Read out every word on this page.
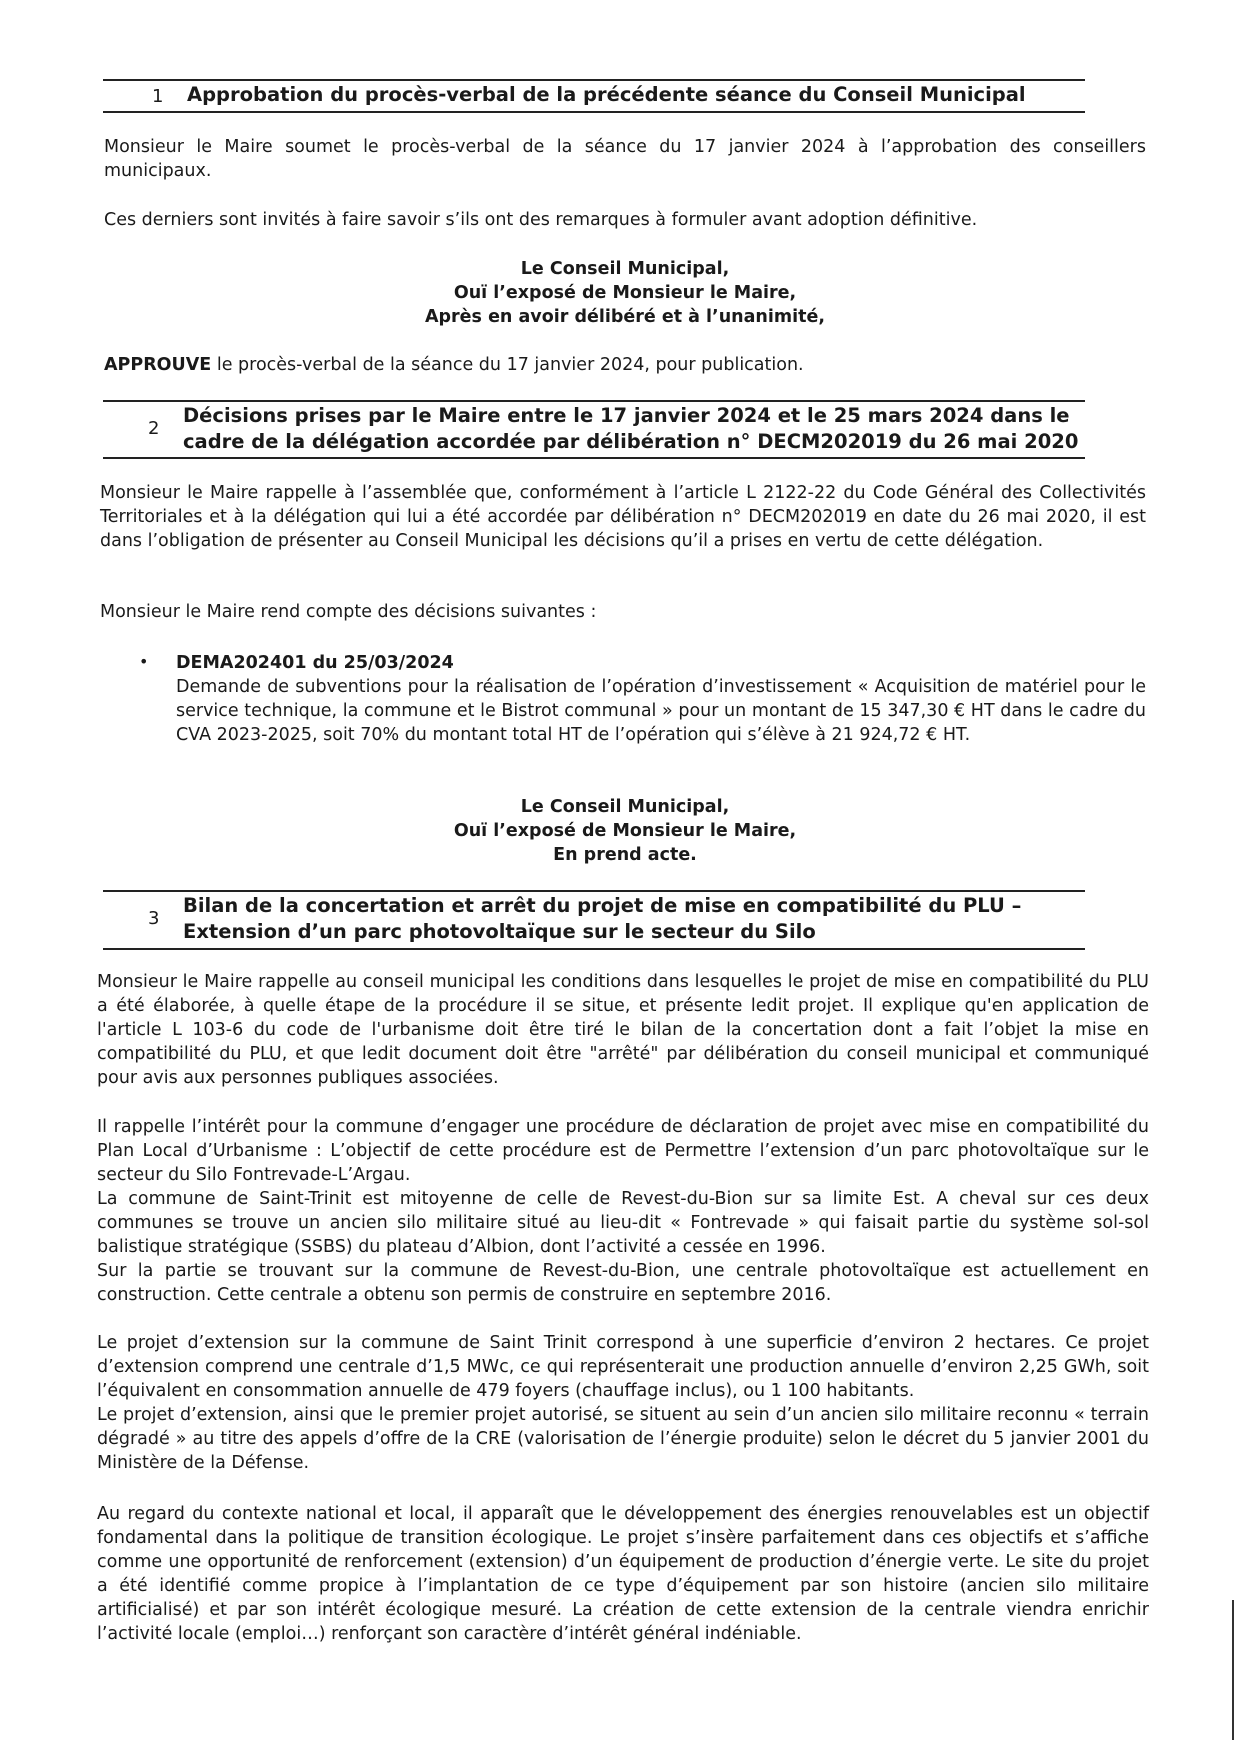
1 Approbation du procès-verbal de la précédente séance du Conseil Municipal

Monsieur le Maire soumet le procès-verbal de la séance du 17 janvier 2024 à l’approbation des conseillers municipaux.

Ces derniers sont invités à faire savoir s’ils ont des remarques à formuler avant adoption définitive.

Le Conseil Municipal,
Ouï l’exposé de Monsieur le Maire,
Après en avoir délibéré et à l’unanimité,

APPROUVE le procès-verbal de la séance du 17 janvier 2024, pour publication.

2
Décisions prises par le Maire entre le 17 janvier 2024 et le 25 mars 2024 dans le
cadre de la délégation accordée par délibération n° DECM202019 du 26 mai 2020

Monsieur le Maire rappelle à l’assemblée que, conformément à l’article L 2122-22 du Code Général des Collectivités Territoriales et à la délégation qui lui a été accordée par délibération n° DECM202019 en date du 26 mai 2020, il est dans l’obligation de présenter au Conseil Municipal les décisions qu’il a prises en vertu de cette délégation.

Monsieur le Maire rend compte des décisions suivantes :

• DEMA202401 du 25/03/2024
Demande de subventions pour la réalisation de l’opération d’investissement « Acquisition de matériel pour le service technique, la commune et le Bistrot communal » pour un montant de 15 347,30 € HT dans le cadre du CVA 2023-2025, soit 70% du montant total HT de l’opération qui s’élève à 21 924,72 € HT.
Le Conseil Municipal,
Ouï l’exposé de Monsieur le Maire,
En prend acte.
3
Bilan de la concertation et arrêt du projet de mise en compatibilité du PLU –
Extension d’un parc photovoltaïque sur le secteur du Silo

Monsieur le Maire rappelle au conseil municipal les conditions dans lesquelles le projet de mise en compatibilité du PLU a été élaborée, à quelle étape de la procédure il se situe, et présente ledit projet. Il explique qu'en application de l'article L 103-6 du code de l'urbanisme doit être tiré le bilan de la concertation dont a fait l’objet la mise en compatibilité du PLU, et que ledit document doit être "arrêté" par délibération du conseil municipal et communiqué pour avis aux personnes publiques associées.

Il rappelle l’intérêt pour la commune d’engager une procédure de déclaration de projet avec mise en compatibilité du Plan Local d’Urbanisme : L’objectif de cette procédure est de Permettre l’extension d’un parc photovoltaïque sur le secteur du Silo Fontrevade-L’Argau.

La commune de Saint-Trinit est mitoyenne de celle de Revest-du-Bion sur sa limite Est. A cheval sur ces deux communes se trouve un ancien silo militaire situé au lieu-dit « Fontrevade » qui faisait partie du système sol-sol balistique stratégique (SSBS) du plateau d’Albion, dont l’activité a cessée en 1996.

Sur la partie se trouvant sur la commune de Revest-du-Bion, une centrale photovoltaïque est actuellement en construction. Cette centrale a obtenu son permis de construire en septembre 2016.

Le projet d’extension sur la commune de Saint Trinit correspond à une superficie d’environ 2 hectares. Ce projet d’extension comprend une centrale d’1,5 MWc, ce qui représenterait une production annuelle d’environ 2,25 GWh, soit l’équivalent en consommation annuelle de 479 foyers (chauffage inclus), ou 1 100 habitants.

Le projet d’extension, ainsi que le premier projet autorisé, se situent au sein d’un ancien silo militaire reconnu « terrain dégradé » au titre des appels d’offre de la CRE (valorisation de l’énergie produite) selon le décret du 5 janvier 2001 du Ministère de la Défense.

Au regard du contexte national et local, il apparaît que le développement des énergies renouvelables est un objectif fondamental dans la politique de transition écologique. Le projet s’insère parfaitement dans ces objectifs et s’affiche comme une opportunité de renforcement (extension) d’un équipement de production d’énergie verte. Le site du projet a été identifié comme propice à l’implantation de ce type d’équipement par son histoire (ancien silo militaire artificialisé) et par son intérêt écologique mesuré. La création de cette extension de la centrale viendra enrichir l’activité locale (emploi…) renforçant son caractère d’intérêt général indéniable.
